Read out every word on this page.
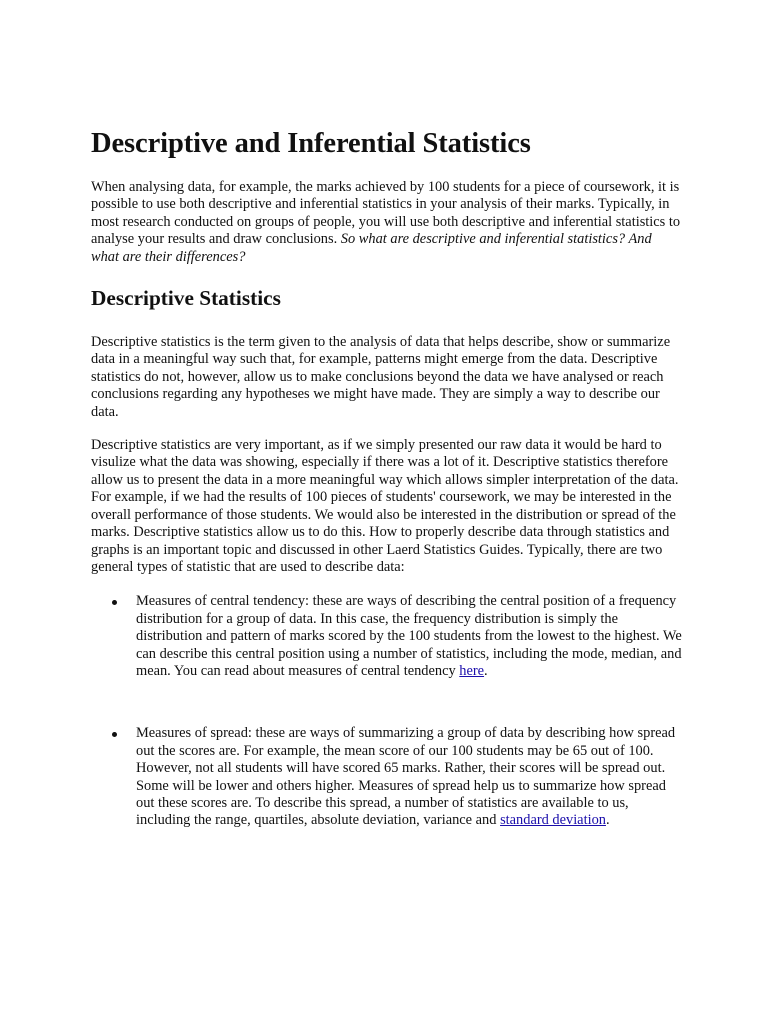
Descriptive and Inferential Statistics

When analysing data, for example, the marks achieved by 100 students for a piece of coursework, it is possible to use both descriptive and inferential statistics in your analysis of their marks. Typically, in most research conducted on groups of people, you will use both descriptive and inferential statistics to analyse your results and draw conclusions. So what are descriptive and inferential statistics? And what are their differences?

Descriptive Statistics

Descriptive statistics is the term given to the analysis of data that helps describe, show or summarize data in a meaningful way such that, for example, patterns might emerge from the data. Descriptive statistics do not, however, allow us to make conclusions beyond the data we have analysed or reach conclusions regarding any hypotheses we might have made. They are simply a way to describe our data.

Descriptive statistics are very important, as if we simply presented our raw data it would be hard to visulize what the data was showing, especially if there was a lot of it. Descriptive statistics therefore allow us to present the data in a more meaningful way which allows simpler interpretation of the data. For example, if we had the results of 100 pieces of students' coursework, we may be interested in the overall performance of those students. We would also be interested in the distribution or spread of the marks. Descriptive statistics allow us to do this. How to properly describe data through statistics and graphs is an important topic and discussed in other Laerd Statistics Guides. Typically, there are two general types of statistic that are used to describe data:

Measures of central tendency: these are ways of describing the central position of a frequency distribution for a group of data. In this case, the frequency distribution is simply the distribution and pattern of marks scored by the 100 students from the lowest to the highest. We can describe this central position using a number of statistics, including the mode, median, and mean. You can read about measures of central tendency here.
Measures of spread: these are ways of summarizing a group of data by describing how spread out the scores are. For example, the mean score of our 100 students may be 65 out of 100. However, not all students will have scored 65 marks. Rather, their scores will be spread out. Some will be lower and others higher. Measures of spread help us to summarize how spread out these scores are. To describe this spread, a number of statistics are available to us, including the range, quartiles, absolute deviation, variance and standard deviation.
